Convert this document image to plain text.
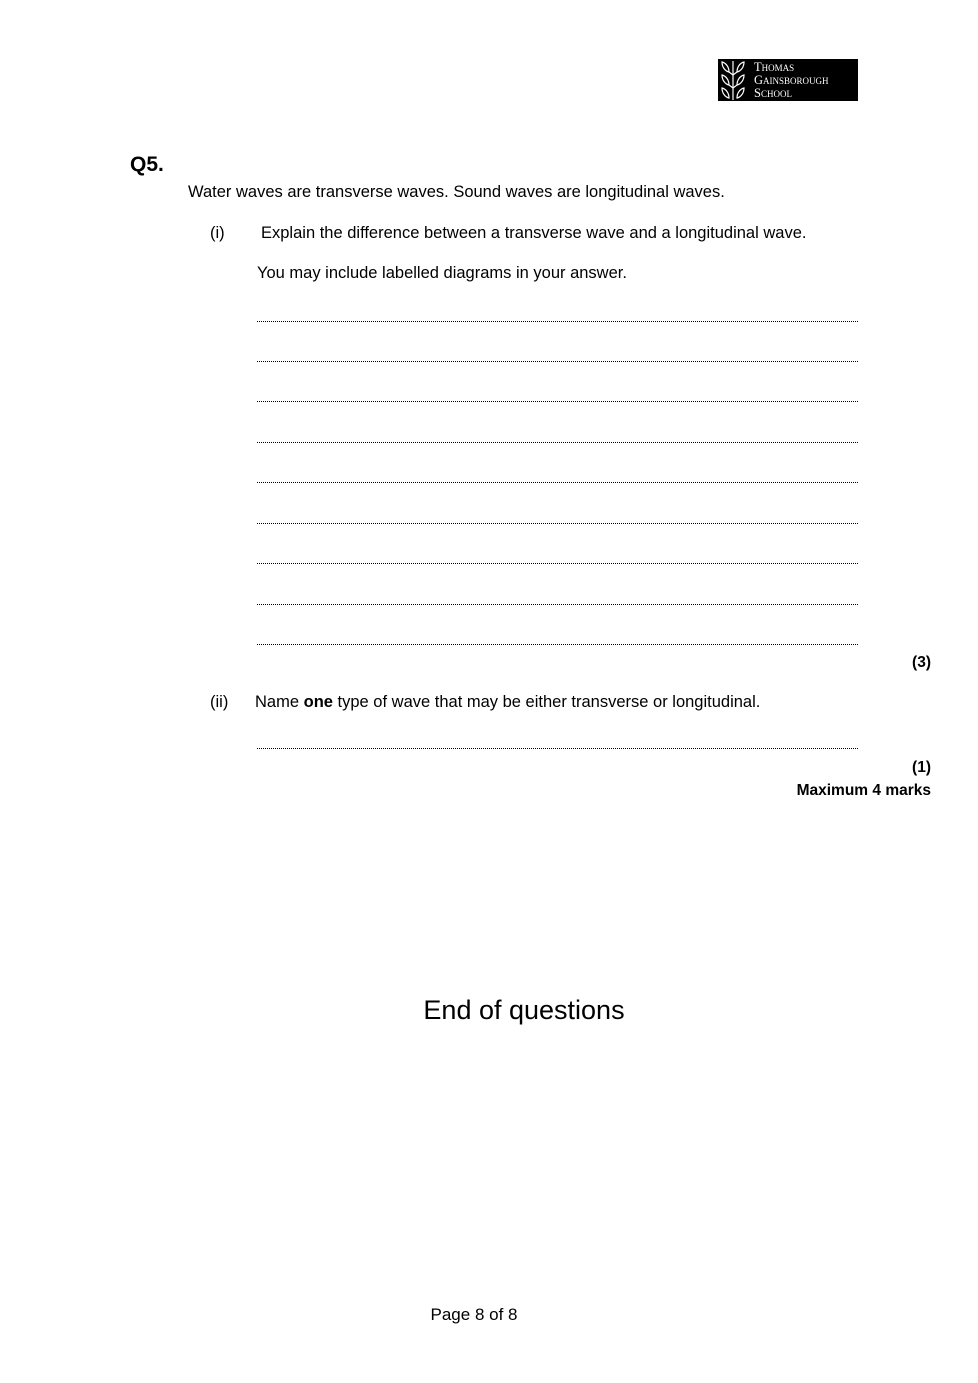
Thomas
Gainsborough
School
Q5.
Water waves are transverse waves. Sound waves are longitudinal waves.
(i) Explain the difference between a transverse wave and a longitudinal wave.
You may include labelled diagrams in your answer.
(3)
(ii) Name one type of wave that may be either transverse or longitudinal.
(1)
Maximum 4 marks
End of questions
Page 8 of 8
